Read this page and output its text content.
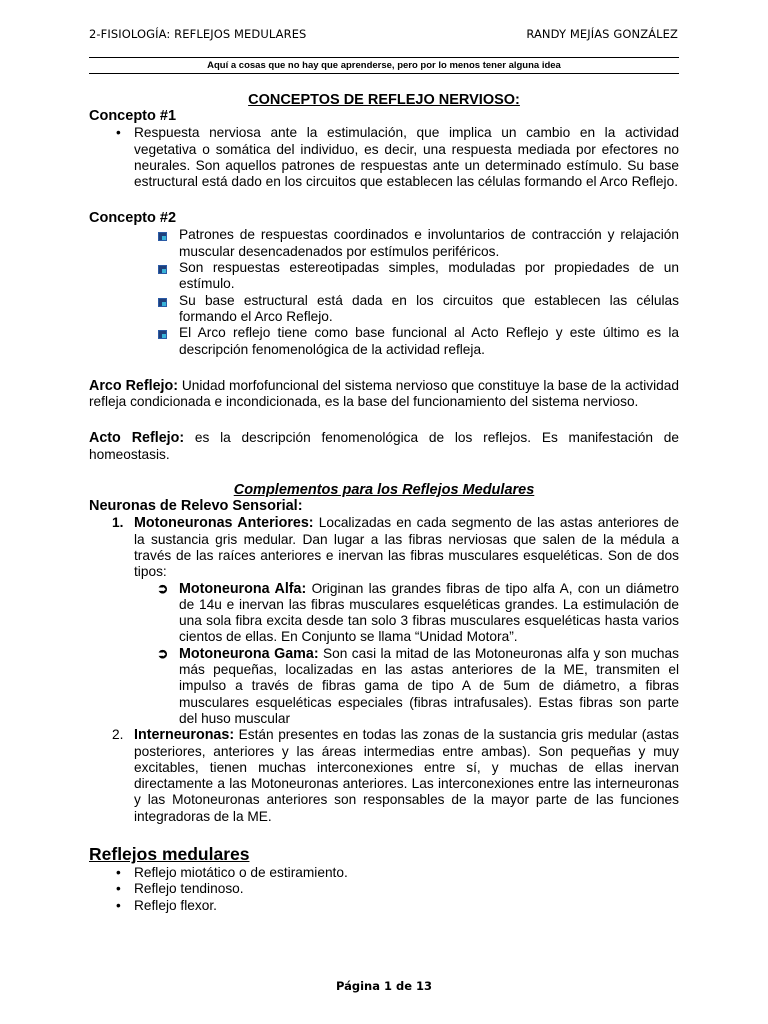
2-FISIOLOGÍA: REFLEJOS MEDULARES	RANDY MEJÍAS GONZÁLEZ
Aquí a cosas que no hay que aprenderse, pero por lo menos tener alguna idea

CONCEPTOS DE REFLEJO NERVIOSO:

Concepto #1

• Respuesta nerviosa ante la estimulación, que implica un cambio en la actividad vegetativa o somática del individuo, es decir, una respuesta mediada por efectores no neurales. Son aquellos patrones de respuestas ante un determinado estímulo. Su base estructural está dado en los circuitos que establecen las células formando el Arco Reflejo.

Concepto #2

Patrones de respuestas coordinados e involuntarios de contracción y relajación muscular desencadenados por estímulos periféricos.
Son respuestas estereotipadas simples, moduladas por propiedades de un estímulo.
Su base estructural está dada en los circuitos que establecen las células formando el Arco Reflejo.
El Arco reflejo tiene como base funcional al Acto Reflejo y este último es la descripción fenomenológica de la actividad refleja.

Arco Reflejo: Unidad morfofuncional del sistema nervioso que constituye la base de la actividad refleja condicionada e incondicionada, es la base del funcionamiento del sistema nervioso.

Acto Reflejo: es la descripción fenomenológica de los reflejos. Es manifestación de homeostasis.

Complementos para los Reflejos Medulares

Neuronas de Relevo Sensorial:

1. Motoneuronas Anteriores: Localizadas en cada segmento de las astas anteriores de la sustancia gris medular. Dan lugar a las fibras nerviosas que salen de la médula a través de las raíces anteriores e inervan las fibras musculares esqueléticas. Son de dos tipos:
➲ Motoneurona Alfa: Originan las grandes fibras de tipo alfa A, con un diámetro de 14u e inervan las fibras musculares esqueléticas grandes. La estimulación de una sola fibra excita desde tan solo 3 fibras musculares esqueléticas hasta varios cientos de ellas. En Conjunto se llama “Unidad Motora”.
➲ Motoneurona Gama: Son casi la mitad de las Motoneuronas alfa y son muchas más pequeñas, localizadas en las astas anteriores de la ME, transmiten el impulso a través de fibras gama de tipo A de 5um de diámetro, a fibras musculares esqueléticas especiales (fibras intrafusales). Estas fibras son parte del huso muscular
2. Interneuronas: Están presentes en todas las zonas de la sustancia gris medular (astas posteriores, anteriores y las áreas intermedias entre ambas). Son pequeñas y muy excitables, tienen muchas interconexiones entre sí, y muchas de ellas inervan directamente a las Motoneuronas anteriores. Las interconexiones entre las interneuronas y las Motoneuronas anteriores son responsables de la mayor parte de las funciones integradoras de la ME.

Reflejos medulares

• Reflejo miotático o de estiramiento.
• Reflejo tendinoso.
• Reflejo flexor.
Página 1 de 13
